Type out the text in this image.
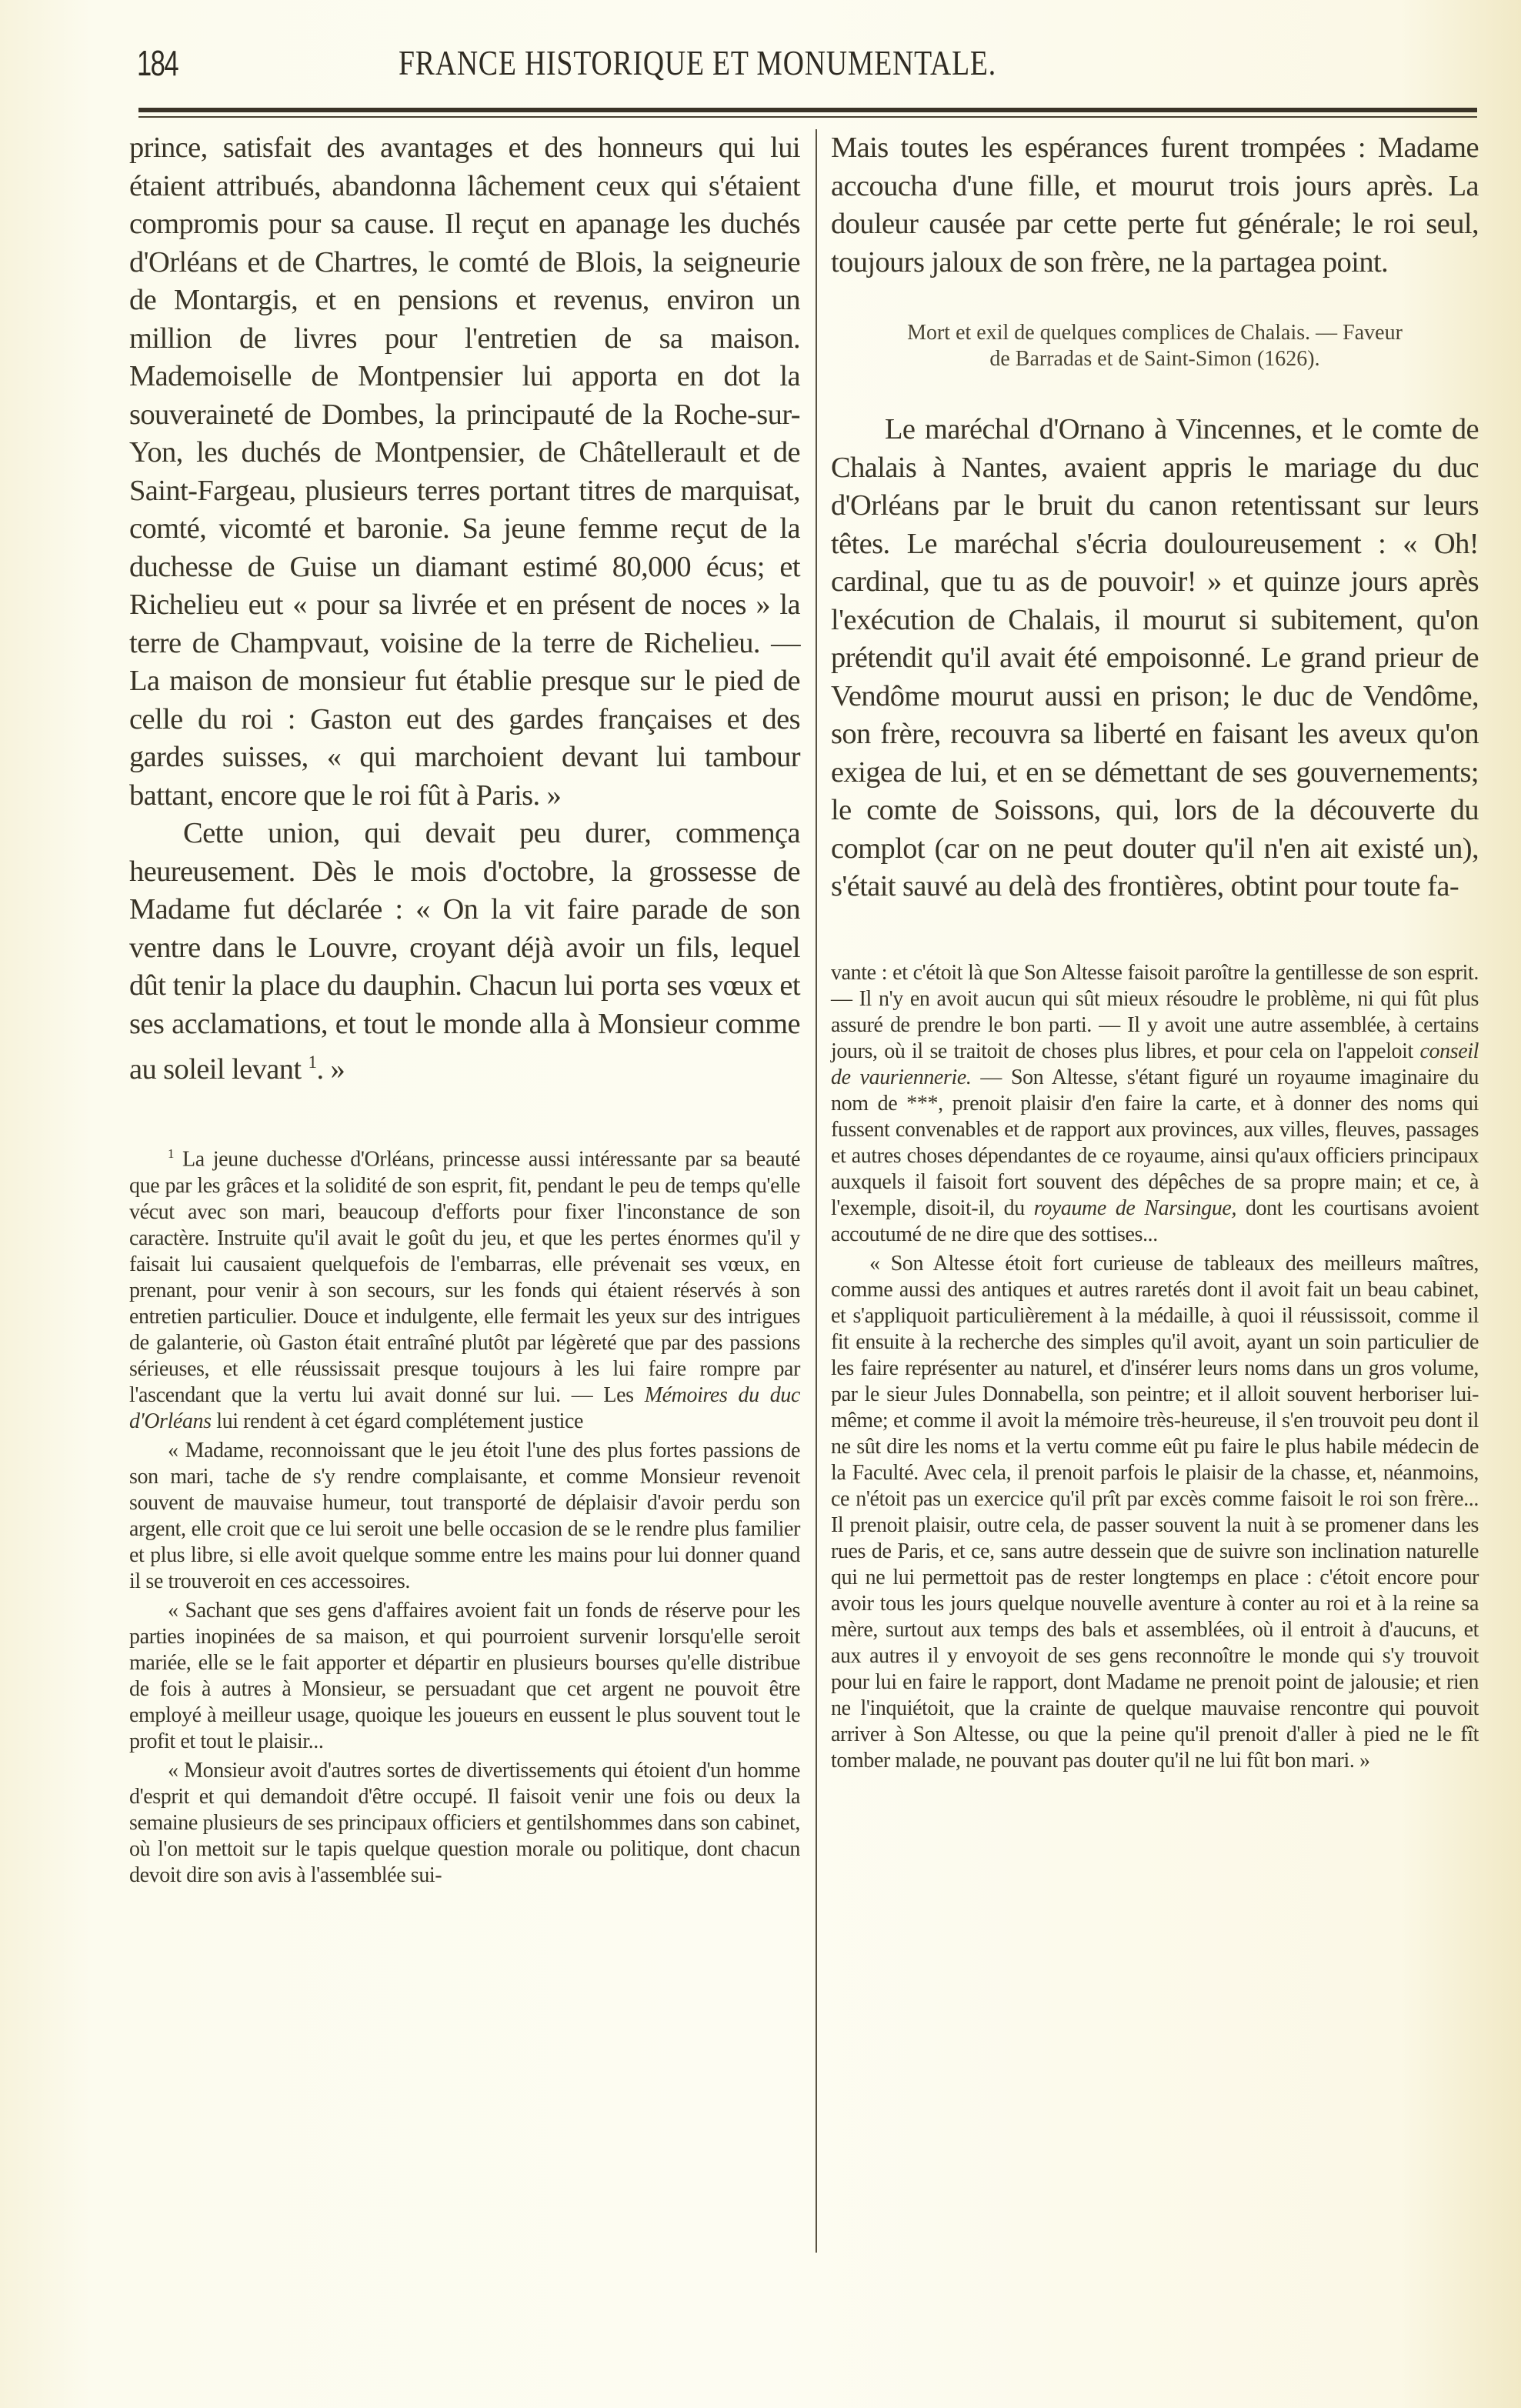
184	FRANCE HISTORIQUE ET MONUMENTALE.

prince, satisfait des avantages et des honneurs qui lui étaient attribués, abandonna lâchement ceux qui s'étaient compromis pour sa cause. Il reçut en apanage les duchés d'Orléans et de Chartres, le comté de Blois, la seigneurie de Montargis, et en pensions et revenus, environ un million de livres pour l'entretien de sa maison. Mademoiselle de Montpensier lui apporta en dot la souveraineté de Dombes, la principauté de la Roche-sur-Yon, les duchés de Montpensier, de Châtellerault et de Saint-Fargeau, plusieurs terres portant titres de marquisat, comté, vicomté et baronie. Sa jeune femme reçut de la duchesse de Guise un diamant estimé 80,000 écus; et Richelieu eut « pour sa livrée et en présent de noces » la terre de Champvaut, voisine de la terre de Richelieu. — La maison de monsieur fut établie presque sur le pied de celle du roi : Gaston eut des gardes françaises et des gardes suisses, « qui marchoient devant lui tambour battant, encore que le roi fût à Paris. »

Cette union, qui devait peu durer, commença heureusement. Dès le mois d'octobre, la grossesse de Madame fut déclarée : « On la vit faire parade de son ventre dans le Louvre, croyant déjà avoir un fils, lequel dût tenir la place du dauphin. Chacun lui porta ses vœux et ses acclamations, et tout le monde alla à Monsieur comme au soleil levant $^1$. »

$^1$ La jeune duchesse d'Orléans, princesse aussi intéressante par sa beauté que par les grâces et la solidité de son esprit, fit, pendant le peu de temps qu'elle vécut avec son mari, beaucoup d'efforts pour fixer l'inconstance de son caractère. Instruite qu'il avait le goût du jeu, et que les pertes énormes qu'il y faisait lui causaient quelquefois de l'embarras, elle prévenait ses vœux, en prenant, pour venir à son secours, sur les fonds qui étaient réservés à son entretien particulier. Douce et indulgente, elle fermait les yeux sur des intrigues de galanterie, où Gaston était entraîné plutôt par légèreté que par des passions sérieuses, et elle réussissait presque toujours à les lui faire rompre par l'ascendant que la vertu lui avait donné sur lui. — Les Mémoires du duc d'Orléans lui rendent à cet égard complétement justice

« Madame, reconnoissant que le jeu étoit l'une des plus fortes passions de son mari, tache de s'y rendre complaisante, et comme Monsieur revenoit souvent de mauvaise humeur, tout transporté de déplaisir d'avoir perdu son argent, elle croit que ce lui seroit une belle occasion de se le rendre plus familier et plus libre, si elle avoit quelque somme entre les mains pour lui donner quand il se trouveroit en ces accessoires.

« Sachant que ses gens d'affaires avoient fait un fonds de réserve pour les parties inopinées de sa maison, et qui pourroient survenir lorsqu'elle seroit mariée, elle se le fait apporter et départir en plusieurs bourses qu'elle distribue de fois à autres à Monsieur, se persuadant que cet argent ne pouvoit être employé à meilleur usage, quoique les joueurs en eussent le plus souvent tout le profit et tout le plaisir...

« Monsieur avoit d'autres sortes de divertissements qui étoient d'un homme d'esprit et qui demandoit d'être occupé. Il faisoit venir une fois ou deux la semaine plusieurs de ses principaux officiers et gentilshommes dans son cabinet, où l'on mettoit sur le tapis quelque question morale ou politique, dont chacun devoit dire son avis à l'assemblée sui-

Mais toutes les espérances furent trompées : Madame accoucha d'une fille, et mourut trois jours après. La douleur causée par cette perte fut générale; le roi seul, toujours jaloux de son frère, ne la partagea point.

Mort et exil de quelques complices de Chalais. — Faveur
de Barradas et de Saint-Simon (1626).

Le maréchal d'Ornano à Vincennes, et le comte de Chalais à Nantes, avaient appris le mariage du duc d'Orléans par le bruit du canon retentissant sur leurs têtes. Le maréchal s'écria douloureusement : « Oh! cardinal, que tu as de pouvoir! » et quinze jours après l'exécution de Chalais, il mourut si subitement, qu'on prétendit qu'il avait été empoisonné. Le grand prieur de Vendôme mourut aussi en prison; le duc de Vendôme, son frère, recouvra sa liberté en faisant les aveux qu'on exigea de lui, et en se démettant de ses gouvernements; le comte de Soissons, qui, lors de la découverte du complot (car on ne peut douter qu'il n'en ait existé un), s'était sauvé au delà des frontières, obtint pour toute fa-

vante : et c'étoit là que Son Altesse faisoit paroître la gentillesse de son esprit. — Il n'y en avoit aucun qui sût mieux résoudre le problème, ni qui fût plus assuré de prendre le bon parti. — Il y avoit une autre assemblée, à certains jours, où il se traitoit de choses plus libres, et pour cela on l'appeloit conseil de vauriennerie. — Son Altesse, s'étant figuré un royaume imaginaire du nom de ***, prenoit plaisir d'en faire la carte, et à donner des noms qui fussent convenables et de rapport aux provinces, aux villes, fleuves, passages et autres choses dépendantes de ce royaume, ainsi qu'aux officiers principaux auxquels il faisoit fort souvent des dépêches de sa propre main; et ce, à l'exemple, disoit-il, du royaume de Narsingue, dont les courtisans avoient accoutumé de ne dire que des sottises...

« Son Altesse étoit fort curieuse de tableaux des meilleurs maîtres, comme aussi des antiques et autres raretés dont il avoit fait un beau cabinet, et s'appliquoit particulièrement à la médaille, à quoi il réussissoit, comme il fit ensuite à la recherche des simples qu'il avoit, ayant un soin particulier de les faire représenter au naturel, et d'insérer leurs noms dans un gros volume, par le sieur Jules Donnabella, son peintre; et il alloit souvent herboriser lui-même; et comme il avoit la mémoire très-heureuse, il s'en trouvoit peu dont il ne sût dire les noms et la vertu comme eût pu faire le plus habile médecin de la Faculté. Avec cela, il prenoit parfois le plaisir de la chasse, et, néanmoins, ce n'étoit pas un exercice qu'il prît par excès comme faisoit le roi son frère... Il prenoit plaisir, outre cela, de passer souvent la nuit à se promener dans les rues de Paris, et ce, sans autre dessein que de suivre son inclination naturelle qui ne lui permettoit pas de rester longtemps en place : c'étoit encore pour avoir tous les jours quelque nouvelle aventure à conter au roi et à la reine sa mère, surtout aux temps des bals et assemblées, où il entroit à d'aucuns, et aux autres il y envoyoit de ses gens reconnoître le monde qui s'y trouvoit pour lui en faire le rapport, dont Madame ne prenoit point de jalousie; et rien ne l'inquiétoit, que la crainte de quelque mauvaise rencontre qui pouvoit arriver à Son Altesse, ou que la peine qu'il prenoit d'aller à pied ne le fît tomber malade, ne pouvant pas douter qu'il ne lui fût bon mari. »
